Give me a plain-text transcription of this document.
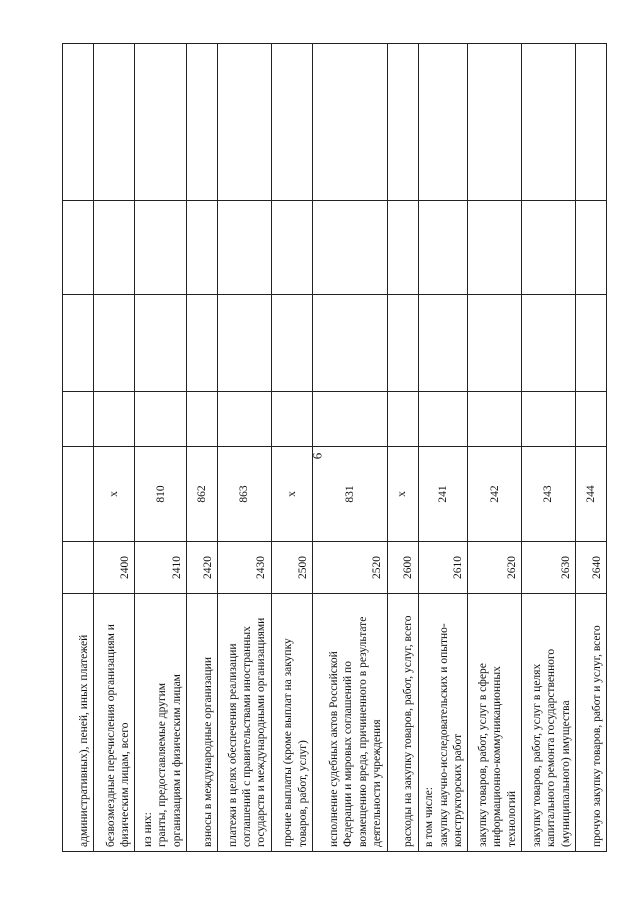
6
административных), пеней, иных платежей						

безвозмездные перечисления организациям и физическим лицам, всего	2400	х				

из них: гранты, предоставляемые другим организациям и физическим лицам	2410	810				

взносы в международные организации	2420	862				

платежи в целях обеспечения реализации соглашений с правительствами иностранных государств и международными организациями	2430	863				

прочие выплаты (кроме выплат на закупку товаров, работ, услуг)	2500	х				

исполнение судебных актов Российской Федерации и мировых соглашений по возмещению вреда, причиненного в результате деятельности учреждения	2520	831				

расходы на закупку товаров, работ, услуг, всего	2600	х				

в том числе: закупку научно-исследовательских и опытно- конструкторских работ	2610	241				

закупку товаров, работ, услуг в сфере информационно-коммуникационных технологий	2620	242				

закупку товаров, работ, услуг в целях капитального ремонта государственного (муниципального) имущества	2630	243				

прочую закупку товаров, работ и услуг, всего	2640	244				
